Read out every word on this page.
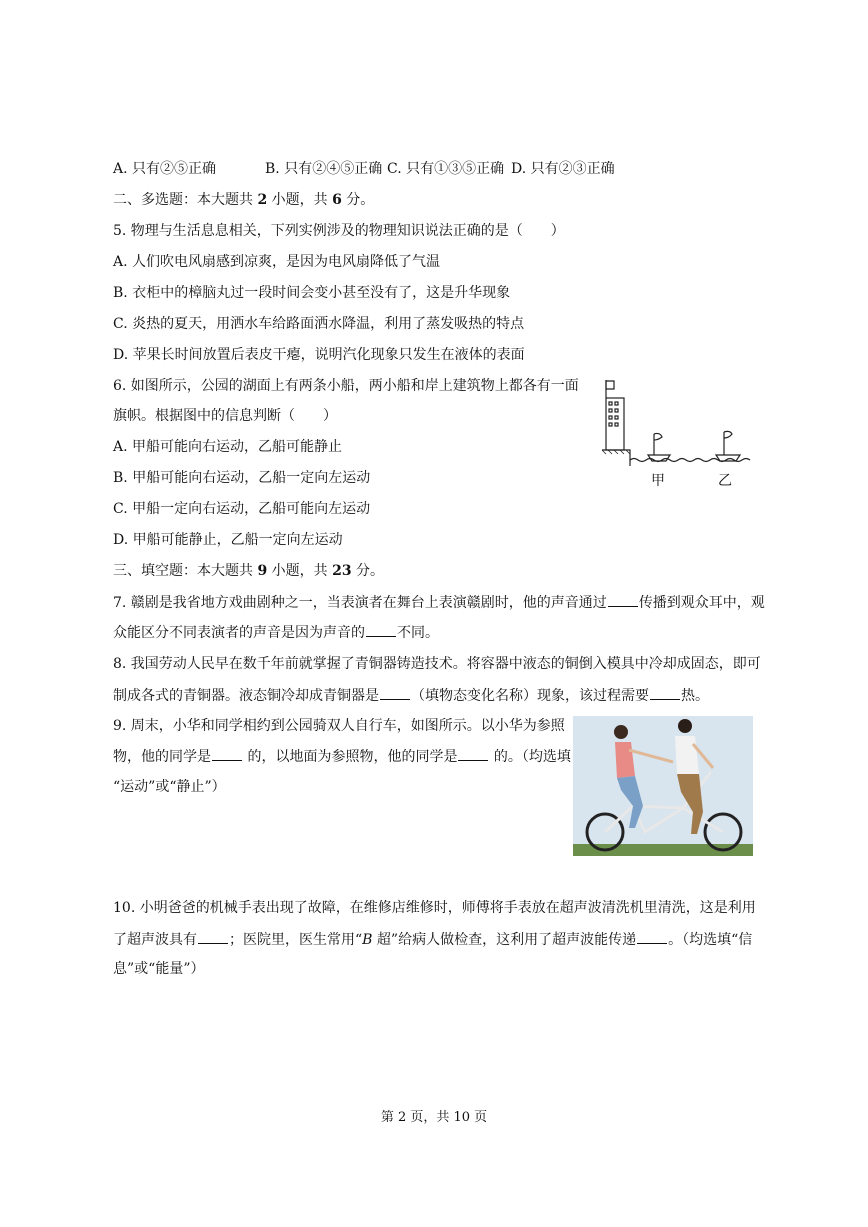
A. 只有②⑤正确	B. 只有②④⑤正确 C. 只有①③⑤正确 D. 只有②③正确
二、多选题：本大题共 2 小题，共 6 分。
5. 物理与生活息息相关，下列实例涉及的物理知识说法正确的是（　　）
A. 人们吹电风扇感到凉爽，是因为电风扇降低了气温
B. 衣柜中的樟脑丸过一段时间会变小甚至没有了，这是升华现象
C. 炎热的夏天，用洒水车给路面洒水降温，利用了蒸发吸热的特点
D. 苹果长时间放置后表皮干瘪，说明汽化现象只发生在液体的表面
6. 如图所示，公园的湖面上有两条小船，两小船和岸上建筑物上都各有一面
旗帜。根据图中的信息判断（　　）
A. 甲船可能向右运动，乙船可能静止
B. 甲船可能向右运动，乙船一定向左运动
C. 甲船一定向右运动，乙船可能向左运动
D. 甲船可能静止，乙船一定向左运动
甲	乙
三、填空题：本大题共 9 小题，共 23 分。
7. 赣剧是我省地方戏曲剧种之一，当表演者在舞台上表演赣剧时，他的声音通过 传播到观众耳中，观
众能区分不同表演者的声音是因为声音的 不同。
8. 我国劳动人民早在数千年前就掌握了青铜器铸造技术。将容器中液态的铜倒入模具中冷却成固态，即可
制成各式的青铜器。液态铜冷却成青铜器是 （填物态变化名称）现象，该过程需要 热。
9. 周末，小华和同学相约到公园骑双人自行车，如图所示。以小华为参照
物，他的同学是 的，以地面为参照物，他的同学是 的。（均选填
“运动”或“静止”）
10. 小明爸爸的机械手表出现了故障，在维修店维修时，师傅将手表放在超声波清洗机里清洗，这是利用
了超声波具有 ；医院里，医生常用“B 超”给病人做检查，这利用了超声波能传递 。（均选填“信
息”或“能量”）
第 2 页，共 10 页
